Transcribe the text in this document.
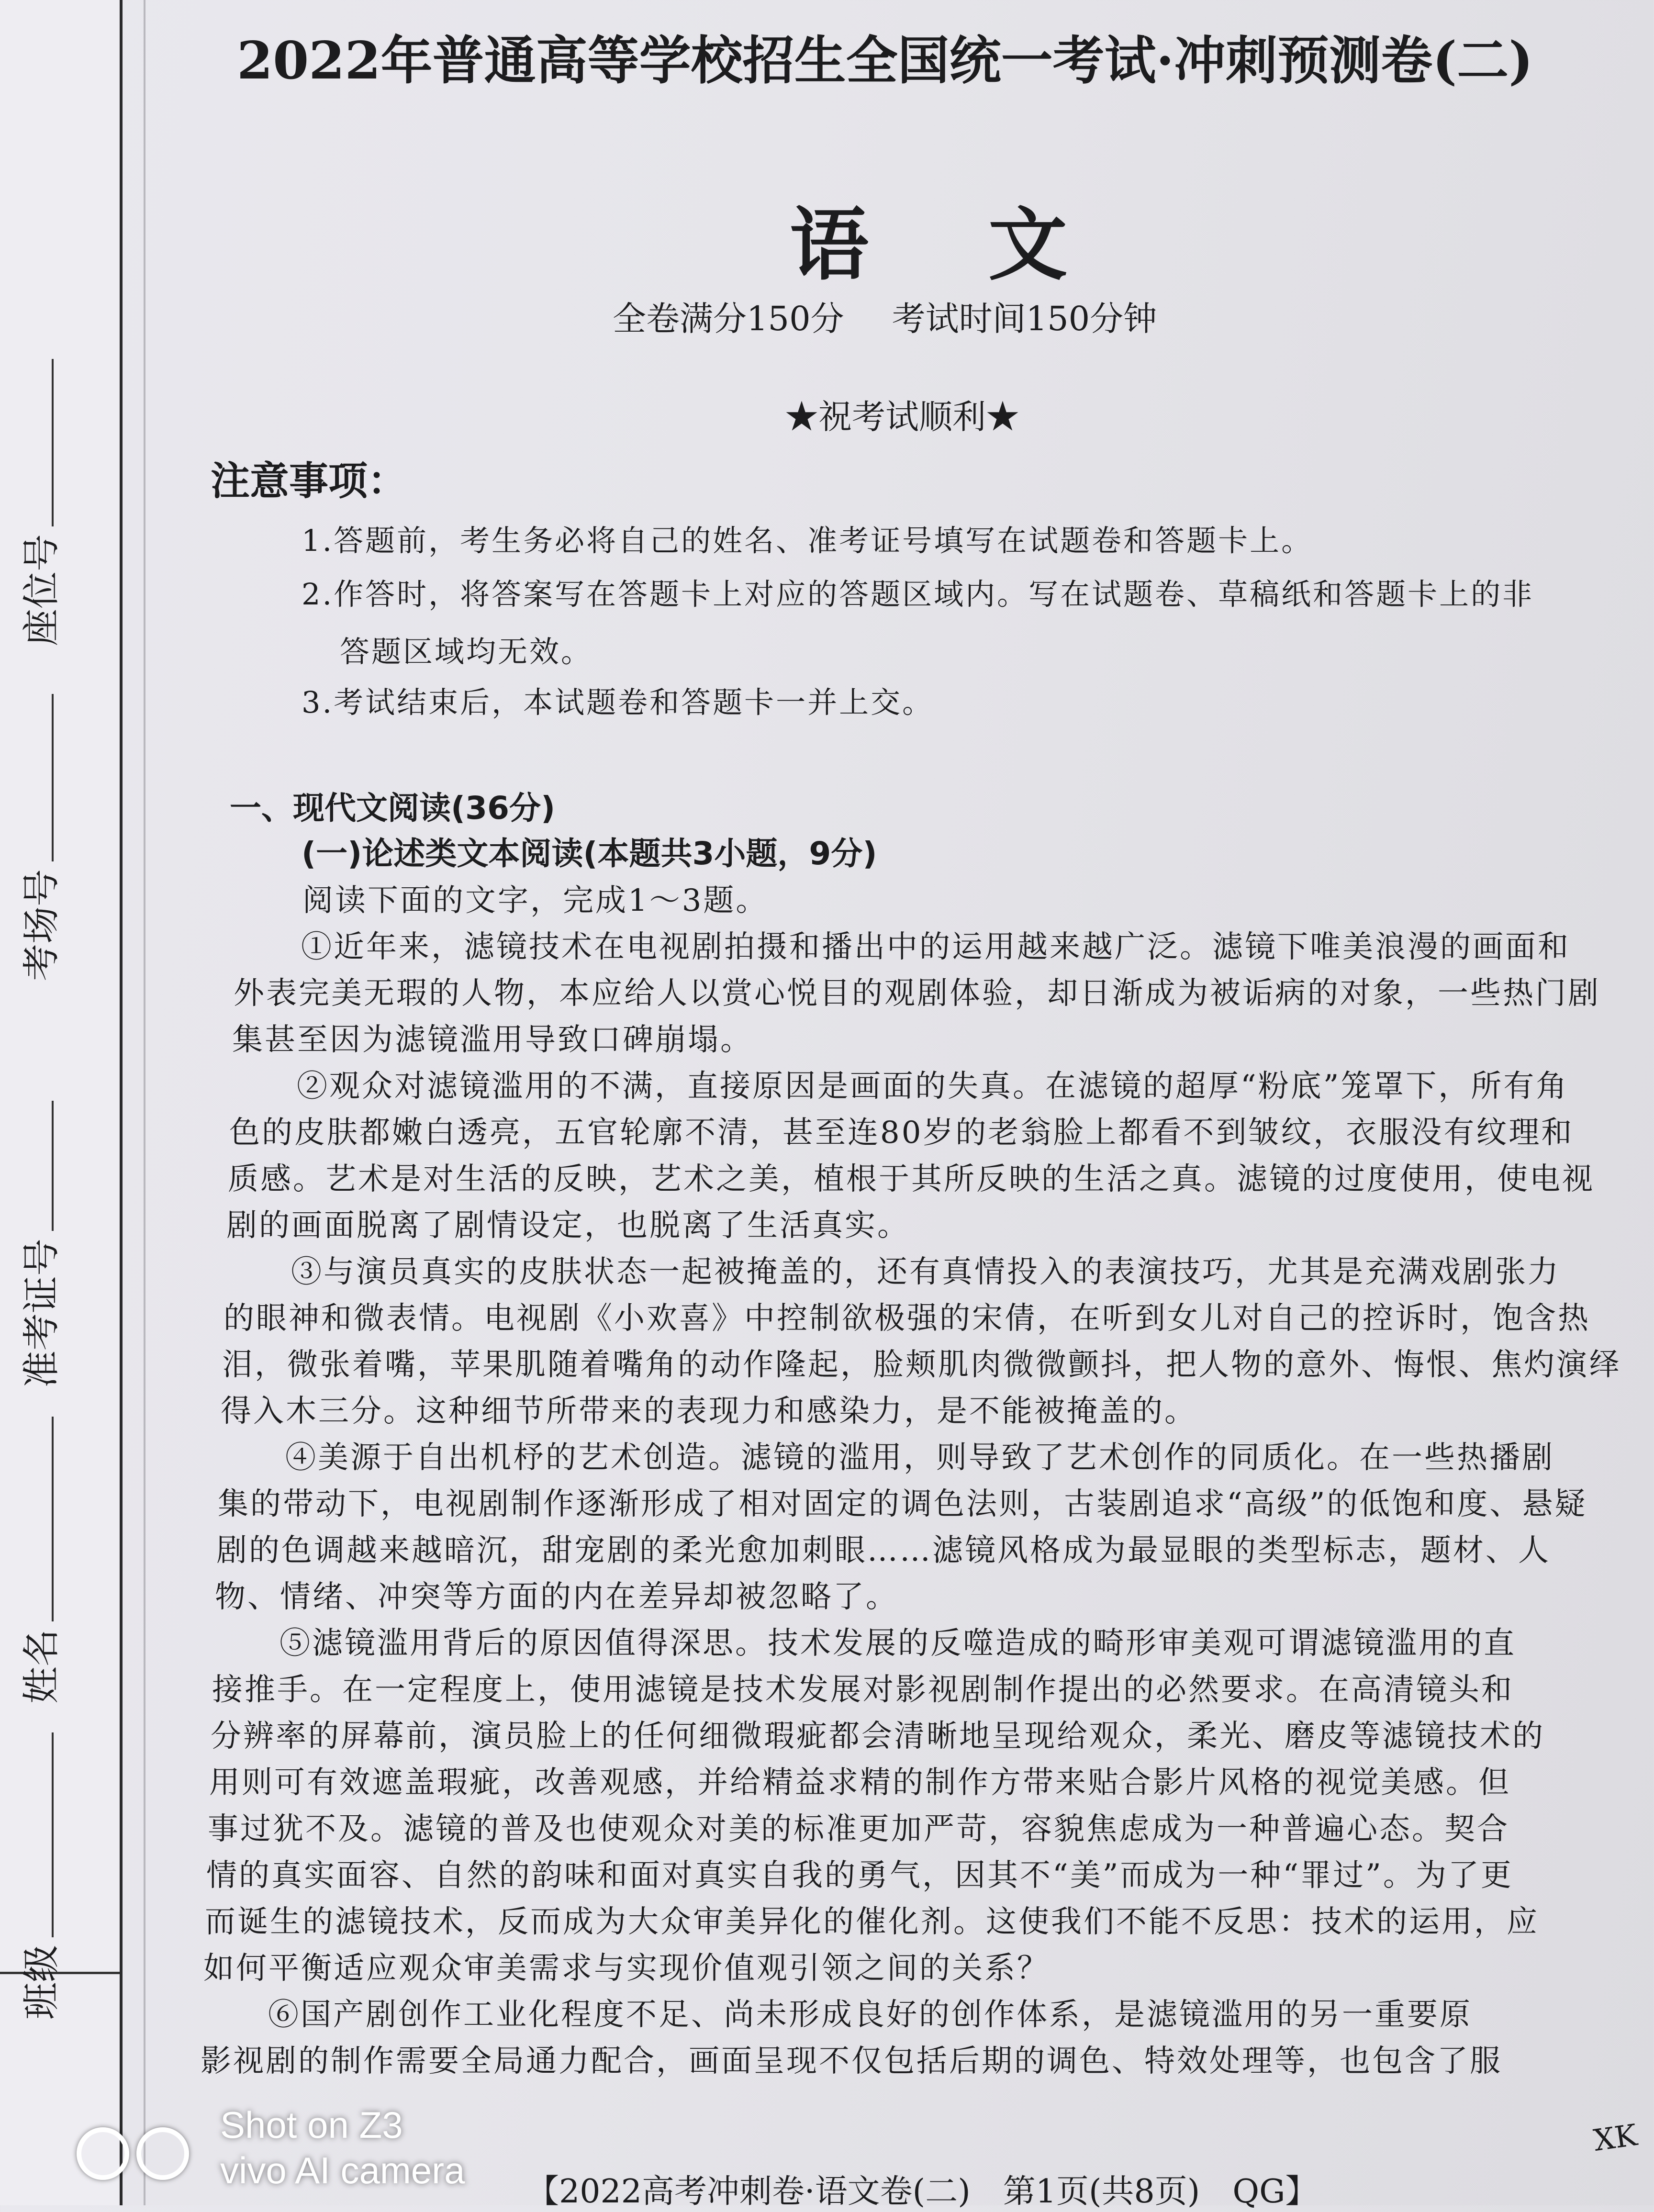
座位号
考场号
准考证号
姓名
班级
2022年普通高等学校招生全国统一考试·冲刺预测卷(二)
语文
全卷满分150分 考试时间150分钟
★祝考试顺利★
注意事项：
1.答题前，考生务必将自己的姓名、准考证号填写在试题卷和答题卡上。
2.作答时，将答案写在答题卡上对应的答题区域内。写在试题卷、草稿纸和答题卡上的非
答题区域均无效。
3.考试结束后，本试题卷和答题卡一并上交。
一、现代文阅读(36分)
(一)论述类文本阅读(本题共3小题，9分)
阅读下面的文字，完成1～3题。
①近年来，滤镜技术在电视剧拍摄和播出中的运用越来越广泛。滤镜下唯美浪漫的画面和
外表完美无瑕的人物，本应给人以赏心悦目的观剧体验，却日渐成为被诟病的对象，一些热门剧
集甚至因为滤镜滥用导致口碑崩塌。
②观众对滤镜滥用的不满，直接原因是画面的失真。在滤镜的超厚“粉底”笼罩下，所有角
色的皮肤都嫩白透亮，五官轮廓不清，甚至连80岁的老翁脸上都看不到皱纹，衣服没有纹理和
质感。艺术是对生活的反映，艺术之美，植根于其所反映的生活之真。滤镜的过度使用，使电视
剧的画面脱离了剧情设定，也脱离了生活真实。
③与演员真实的皮肤状态一起被掩盖的，还有真情投入的表演技巧，尤其是充满戏剧张力
的眼神和微表情。电视剧《小欢喜》中控制欲极强的宋倩，在听到女儿对自己的控诉时，饱含热
泪，微张着嘴，苹果肌随着嘴角的动作隆起，脸颊肌肉微微颤抖，把人物的意外、悔恨、焦灼演绎
得入木三分。这种细节所带来的表现力和感染力，是不能被掩盖的。
④美源于自出机杼的艺术创造。滤镜的滥用，则导致了艺术创作的同质化。在一些热播剧
集的带动下，电视剧制作逐渐形成了相对固定的调色法则，古装剧追求“高级”的低饱和度、悬疑
剧的色调越来越暗沉，甜宠剧的柔光愈加刺眼……滤镜风格成为最显眼的类型标志，题材、人
物、情绪、冲突等方面的内在差异却被忽略了。
⑤滤镜滥用背后的原因值得深思。技术发展的反噬造成的畸形审美观可谓滤镜滥用的直
接推手。在一定程度上，使用滤镜是技术发展对影视剧制作提出的必然要求。在高清镜头和
分辨率的屏幕前，演员脸上的任何细微瑕疵都会清晰地呈现给观众，柔光、磨皮等滤镜技术的
用则可有效遮盖瑕疵，改善观感，并给精益求精的制作方带来贴合影片风格的视觉美感。但
事过犹不及。滤镜的普及也使观众对美的标准更加严苛，容貌焦虑成为一种普遍心态。契合
情的真实面容、自然的韵味和面对真实自我的勇气，因其不“美”而成为一种“罪过”。为了更
而诞生的滤镜技术，反而成为大众审美异化的催化剂。这使我们不能不反思：技术的运用，应
如何平衡适应观众审美需求与实现价值观引领之间的关系？
⑥国产剧创作工业化程度不足、尚未形成良好的创作体系，是滤镜滥用的另一重要原
影视剧的制作需要全局通力配合，画面呈现不仅包括后期的调色、特效处理等，也包含了服
Shot on Z3
vivo AI camera
【2022高考冲刺卷·语文卷(二)　第1页(共8页)　QG】
XK
